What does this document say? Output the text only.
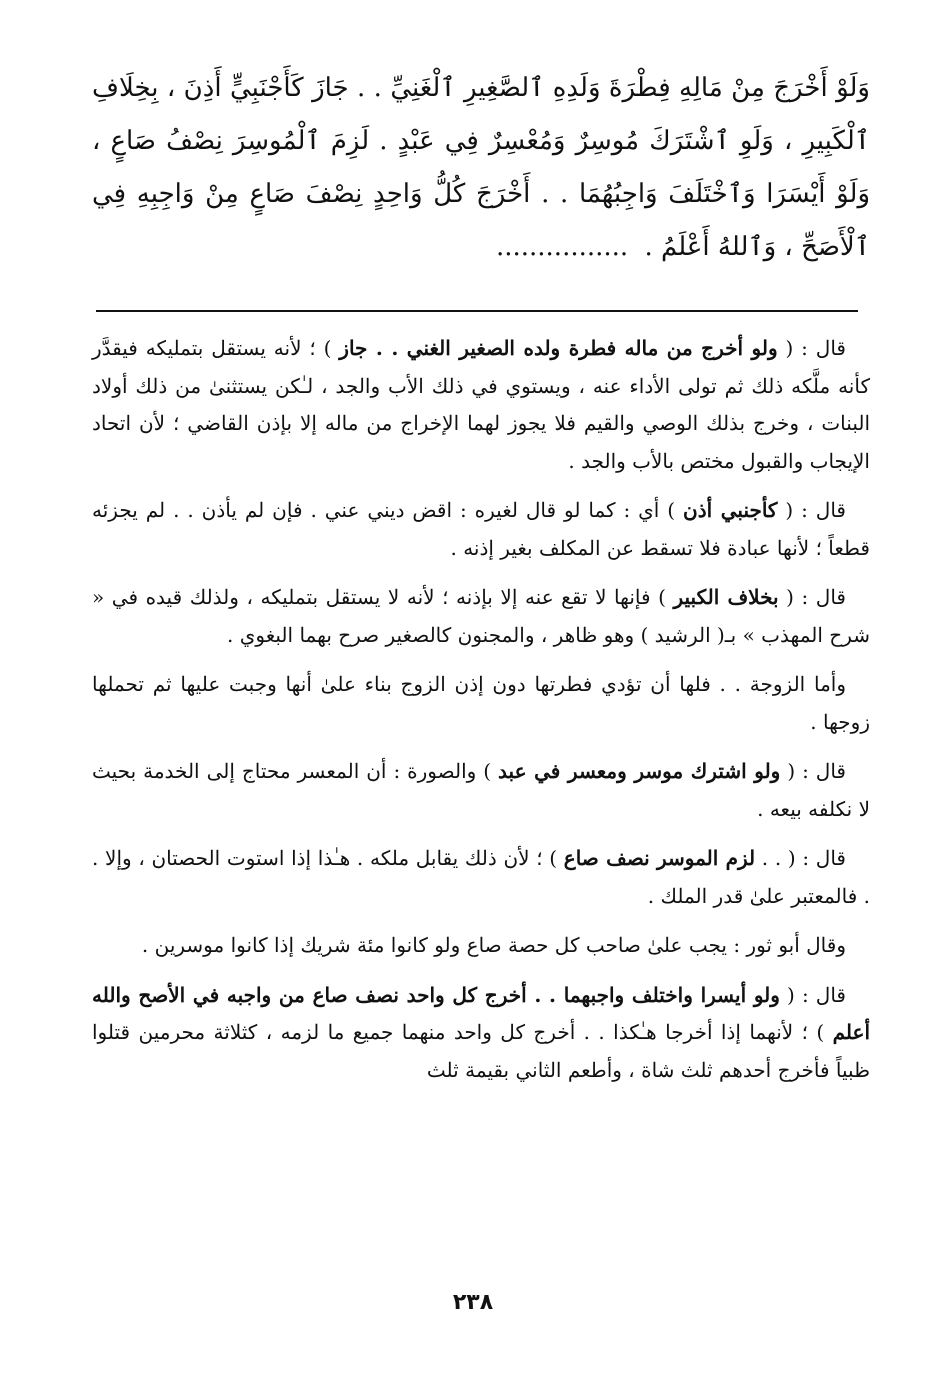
وَلَوْ أَخْرَجَ مِنْ مَالِهِ فِطْرَةَ وَلَدِهِ ٱلصَّغِيرِ ٱلْغَنِيِّ . . جَازَ كَأَجْنَبِيٍّ أَذِنَ ، بِخِلَافِ ٱلْكَبِيرِ ، وَلَوِ ٱشْتَرَكَ مُوسِرٌ وَمُعْسِرٌ فِي عَبْدٍ . لَزِمَ ٱلْمُوسِرَ نِصْفُ صَاعٍ ، وَلَوْ أَيْسَرَا وَٱخْتَلَفَ وَاجِبُهُمَا . . أَخْرَجَ كُلُّ وَاحِدٍ نِصْفَ صَاعٍ مِنْ وَاجِبِهِ فِي ٱلْأَصَحِّ ، وَٱللهُ أَعْلَمُ . ................

قال : ( ولو أخرج من ماله فطرة ولده الصغير الغني . . جاز ) ؛ لأنه يستقل بتمليكه فيقدَّر كأنه ملَّكه ذلك ثم تولى الأداء عنه ، ويستوي في ذلك الأب والجد ، لـٰكن يستثنىٰ من ذلك أولاد البنات ، وخرج بذلك الوصي والقيم فلا يجوز لهما الإخراج من ماله إلا بإذن القاضي ؛ لأن اتحاد الإيجاب والقبول مختص بالأب والجد .

قال : ( كأجنبي أذن ) أي : كما لو قال لغيره : اقض ديني عني . فإن لم يأذن . . لم يجزئه قطعاً ؛ لأنها عبادة فلا تسقط عن المكلف بغير إذنه .

قال : ( بخلاف الكبير ) فإنها لا تقع عنه إلا بإذنه ؛ لأنه لا يستقل بتمليكه ، ولذلك قيده في « شرح المهذب » بـ( الرشيد ) وهو ظاهر ، والمجنون كالصغير صرح بهما البغوي .

وأما الزوجة . . فلها أن تؤدي فطرتها دون إذن الزوج بناء علىٰ أنها وجبت عليها ثم تحملها زوجها .

قال : ( ولو اشترك موسر ومعسر في عبد ) والصورة : أن المعسر محتاج إلى الخدمة بحيث لا نكلفه بيعه .

قال : ( . . لزم الموسر نصف صاع ) ؛ لأن ذلك يقابل ملكه . هـٰذا إذا استوت الحصتان ، وإلا . . فالمعتبر علىٰ قدر الملك .

وقال أبو ثور : يجب علىٰ صاحب كل حصة صاع ولو كانوا مئة شريك إذا كانوا موسرين .

قال : ( ولو أيسرا واختلف واجبهما . . أخرج كل واحد نصف صاع من واجبه في الأصح والله أعلم ) ؛ لأنهما إذا أخرجا هـٰكذا . . أخرج كل واحد منهما جميع ما لزمه ، كثلاثة محرمين قتلوا ظبياً فأخرج أحدهم ثلث شاة ، وأطعم الثاني بقيمة ثلث

٢٣٨
